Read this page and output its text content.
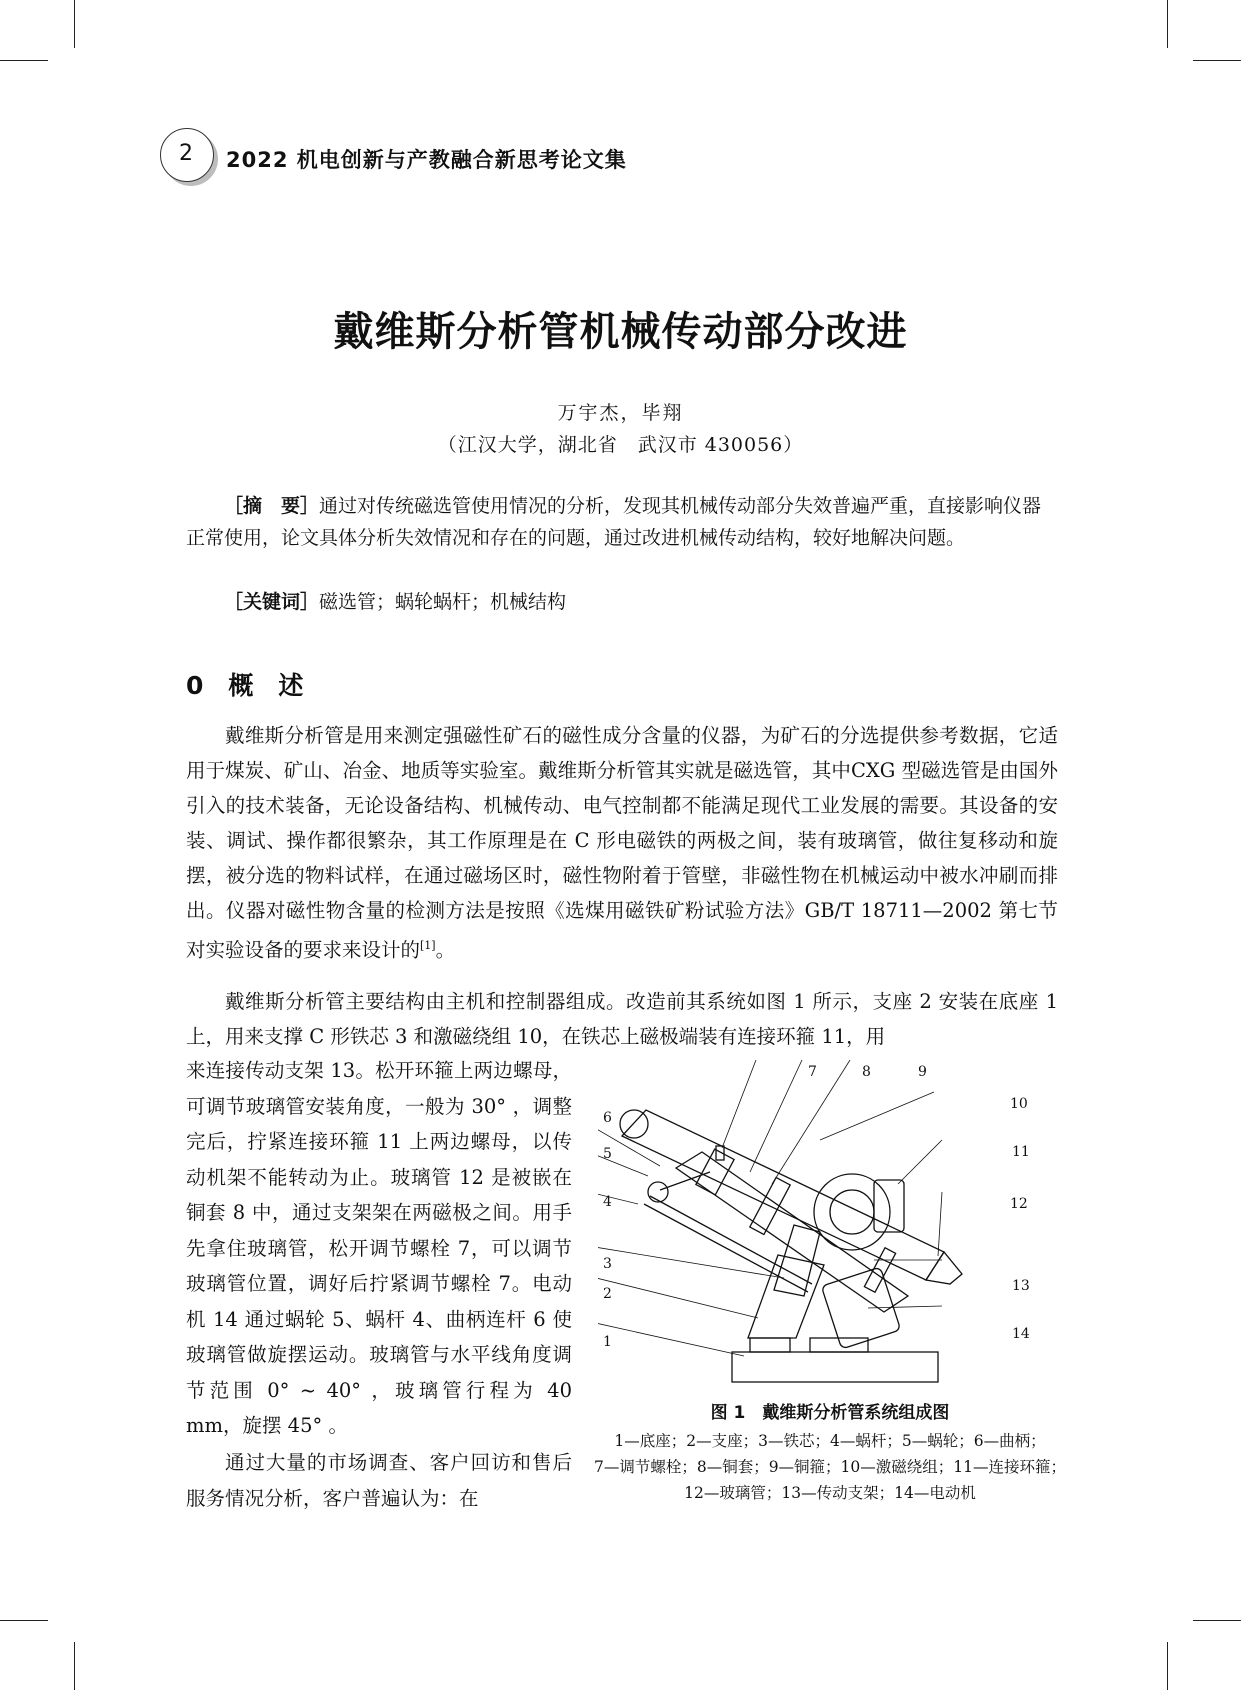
2	2022 机电创新与产教融合新思考论文集
戴维斯分析管机械传动部分改进
万宇杰，毕翔
（江汉大学，湖北省　武汉市 430056）
［摘　要］通过对传统磁选管使用情况的分析，发现其机械传动部分失效普遍严重，直接影响仪器正常使用，论文具体分析失效情况和存在的问题，通过改进机械传动结构，较好地解决问题。
［关键词］磁选管；蜗轮蜗杆；机械结构
0　概　述
戴维斯分析管是用来测定强磁性矿石的磁性成分含量的仪器，为矿石的分选提供参考数据，它适用于煤炭、矿山、冶金、地质等实验室。戴维斯分析管其实就是磁选管，其中CXG 型磁选管是由国外引入的技术装备，无论设备结构、机械传动、电气控制都不能满足现代工业发展的需要。其设备的安装、调试、操作都很繁杂，其工作原理是在 C 形电磁铁的两极之间，装有玻璃管，做往复移动和旋摆，被分选的物料试样，在通过磁场区时，磁性物附着于管壁，非磁性物在机械运动中被水冲刷而排出。仪器对磁性物含量的检测方法是按照《选煤用磁铁矿粉试验方法》GB/T 18711—2002 第七节对实验设备的要求来设计的[1]。
戴维斯分析管主要结构由主机和控制器组成。改造前其系统如图 1 所示，支座 2 安装在底座 1 上，用来支撑 C 形铁芯 3 和激磁绕组 10，在铁芯上磁极端装有连接环箍 11，用
来连接传动支架 13。松开环箍上两边螺母，可调节玻璃管安装角度，一般为 30° ，调整完后，拧紧连接环箍 11 上两边螺母，以传动机架不能转动为止。玻璃管 12 是被嵌在铜套 8 中，通过支架架在两磁极之间。用手先拿住玻璃管，松开调节螺栓 7，可以调节玻璃管位置，调好后拧紧调节螺栓 7。电动机 14 通过蜗轮 5、蜗杆 4、曲柄连杆 6 使玻璃管做旋摆运动。玻璃管与水平线角度调节范围 0° ~ 40° ，玻璃管行程为 40 mm，旋摆 45° 。
通过大量的市场调查、客户回访和售后服务情况分析，客户普遍认为：在
7	8	9
10
11
12
13
14
6
5
4
3
2
1
图 1　戴维斯分析管系统组成图
1—底座；2—支座；3—铁芯；4—蜗杆；5—蜗轮；6—曲柄；
7—调节螺栓；8—铜套；9—铜箍；10—激磁绕组；11—连接环箍；
12—玻璃管；13—传动支架；14—电动机
